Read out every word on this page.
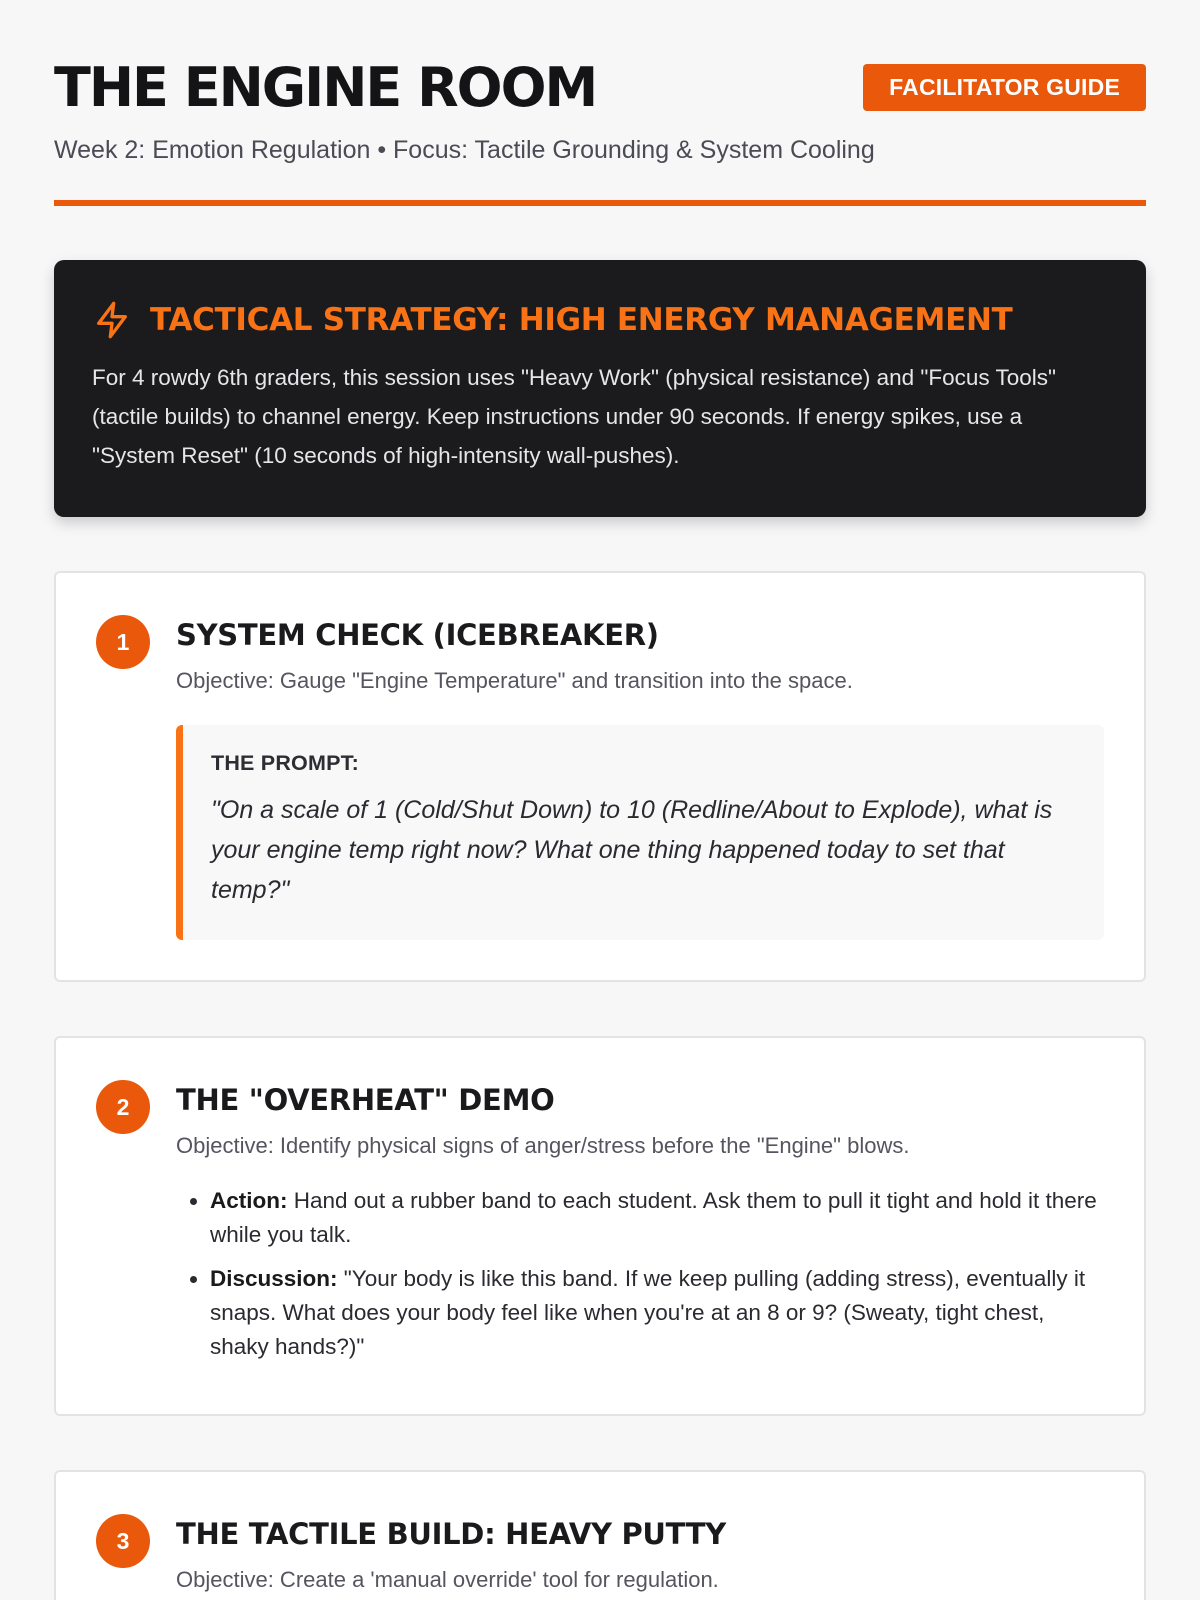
THE ENGINE ROOM	FACILITATOR GUIDE
Week 2: Emotion Regulation • Focus: Tactile Grounding & System Cooling
TACTICAL STRATEGY: HIGH ENERGY MANAGEMENT

For 4 rowdy 6th graders, this session uses "Heavy Work" (physical resistance) and "Focus Tools" (tactile builds) to channel energy. Keep instructions under 90 seconds. If energy spikes, use a "System Reset" (10 seconds of high-intensity wall-pushes).

1	SYSTEM CHECK (ICEBREAKER)

Objective: Gauge "Engine Temperature" and transition into the space.

THE PROMPT:
"On a scale of 1 (Cold/Shut Down) to 10 (Redline/About to Explode), what is your engine temp right now? What one thing happened today to set that temp?"
2	THE "OVERHEAT" DEMO

Objective: Identify physical signs of anger/stress before the "Engine" blows.

• Action: Hand out a rubber band to each student. Ask them to pull it tight and hold it there while you talk.
• Discussion: "Your body is like this band. If we keep pulling (adding stress), eventually it snaps. What does your body feel like when you're at an 8 or 9? (Sweaty, tight chest, shaky hands?)"
3	THE TACTILE BUILD: HEAVY PUTTY

Objective: Create a 'manual override' tool for regulation.
